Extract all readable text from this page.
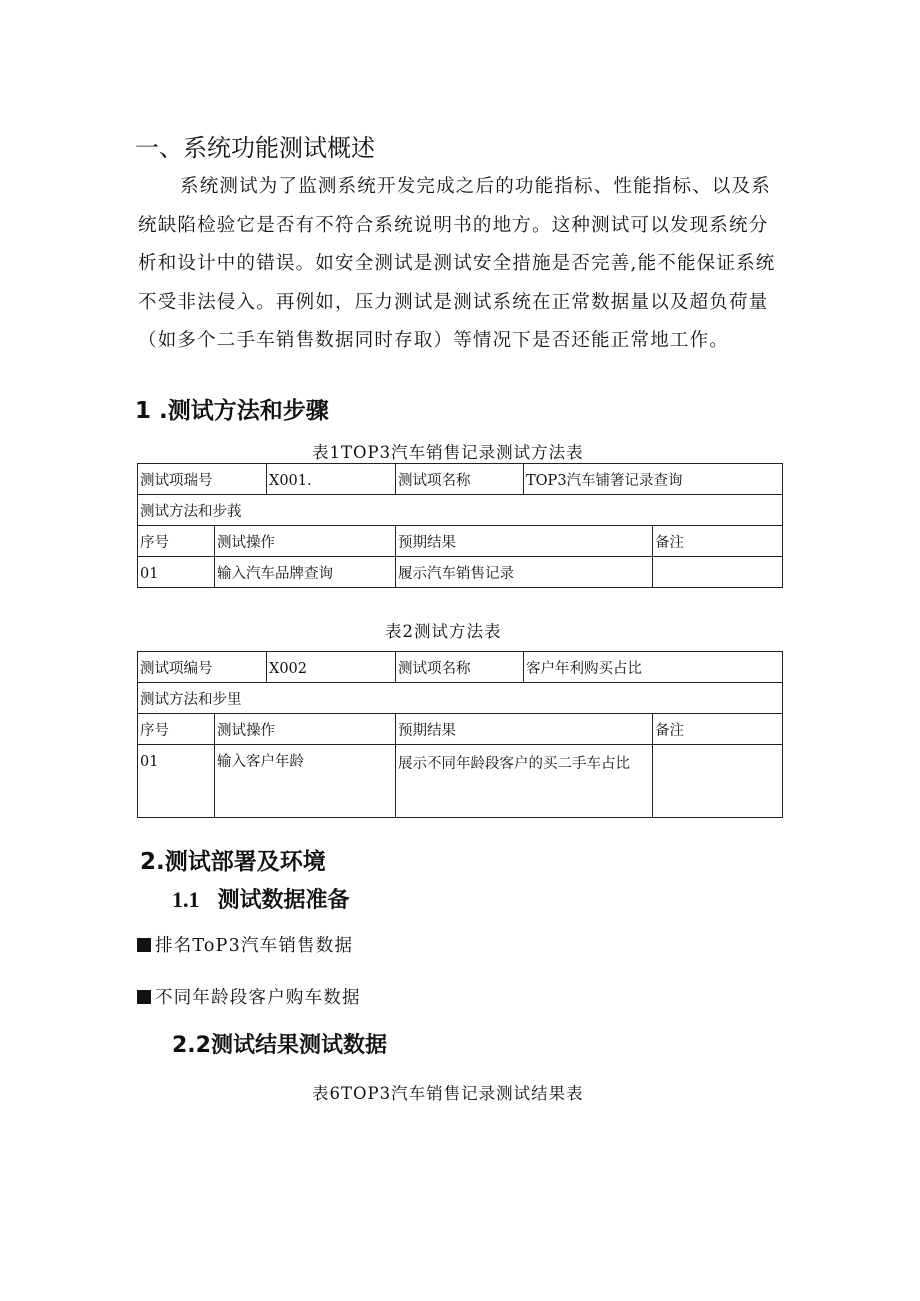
一、系统功能测试概述
系统测试为了监测系统开发完成之后的功能指标、性能指标、以及系
统缺陷检验它是否有不符合系统说明书的地方。这种测试可以发现系统分
析和设计中的错误。如安全测试是测试安全措施是否完善,能不能保证系统
不受非法侵入。再例如，压力测试是测试系统在正常数据量以及超负荷量
（如多个二手车销售数据同时存取）等情况下是否还能正常地工作。
1 .测试方法和步骤
表1TOP3汽车销售记录测试方法表
测试项瑞号		X001.	测试项名称	TOP3汽车铺箸记录查询	
测试方法和步莪					
序号	测试操作		预期结果		备注
01	输入汽车品牌查询		履示汽车销售记录		
表2测试方法表
测试项编号		X002	测试项名称	客户年利购买占比	
测试方法和步里					
序号	测试操作		预期结果		备注
01	输入客户年龄		展示不同年龄段客户的买二手车占比		
2.测试部署及环境
1.1 测试数据准备
排名ToP3汽车销售数据
不同年龄段客户购车数据
2.2测试结果测试数据
表6TOP3汽车销售记录测试结果表
